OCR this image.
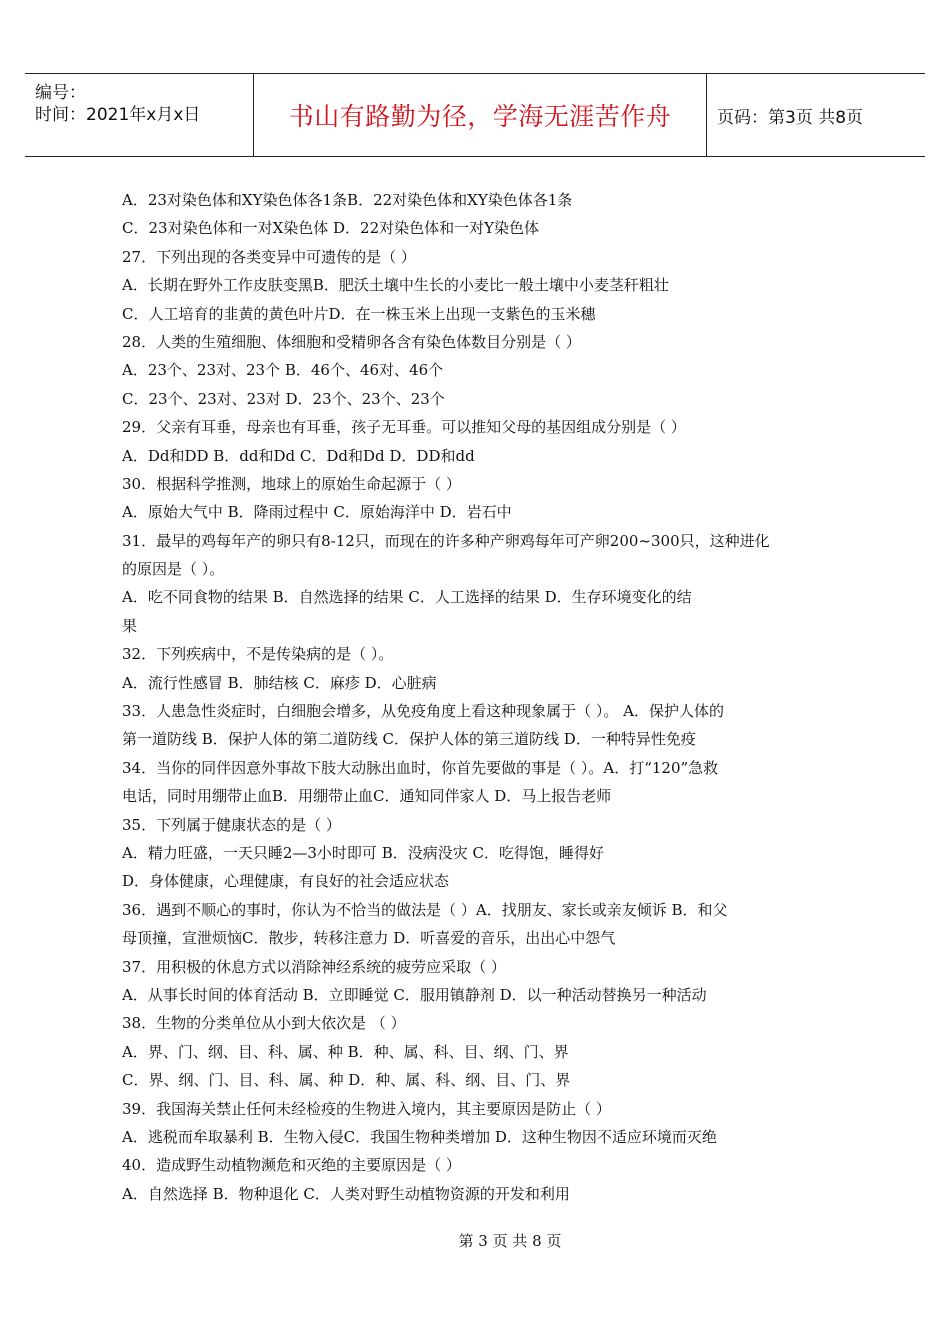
编号：
时间：2021年x月x日	书山有路勤为径，学海无涯苦作舟	页码：第3页 共8页
A．23对染色体和XY染色体各1条B．22对染色体和XY染色体各1条
C．23对染色体和一对X染色体 D．22对染色体和一对Y染色体
27．下列出现的各类变异中可遗传的是（ ）
A．长期在野外工作皮肤变黑B．肥沃土壤中生长的小麦比一般土壤中小麦茎秆粗壮
C．人工培育的韭黄的黄色叶片D．在一株玉米上出现一支紫色的玉米穗
28．人类的生殖细胞、体细胞和受精卵各含有染色体数目分别是（ ）
A．23个、23对、23个 B．46个、46对、46个
C．23个、23对、23对 D．23个、23个、23个
29．父亲有耳垂，母亲也有耳垂，孩子无耳垂。可以推知父母的基因组成分别是（ ）
A．Dd和DD B．dd和Dd C．Dd和Dd D．DD和dd
30．根据科学推测，地球上的原始生命起源于（ ）
A．原始大气中 B．降雨过程中 C．原始海洋中 D．岩石中
31．最早的鸡每年产的卵只有8-12只，而现在的许多种产卵鸡每年可产卵200~300只，这种进化
的原因是（ ）。
A．吃不同食物的结果 B．自然选择的结果 C．人工选择的结果 D．生存环境变化的结
果
32．下列疾病中，不是传染病的是（ ）。
A．流行性感冒 B．肺结核 C．麻疹 D．心脏病
33．人患急性炎症时，白细胞会增多，从免疫角度上看这种现象属于（ ）。 A．保护人体的
第一道防线 B．保护人体的第二道防线 C．保护人体的第三道防线 D．一种特异性免疫
34．当你的同伴因意外事故下肢大动脉出血时，你首先要做的事是（ ）。A．打“120”急救
电话，同时用绷带止血B．用绷带止血C．通知同伴家人 D．马上报告老师
35．下列属于健康状态的是（ ）
A．精力旺盛，一天只睡2—3小时即可 B．没病没灾 C．吃得饱，睡得好
D．身体健康，心理健康，有良好的社会适应状态
36．遇到不顺心的事时，你认为不恰当的做法是（ ）A．找朋友、家长或亲友倾诉 B．和父
母顶撞，宣泄烦恼C．散步，转移注意力 D．听喜爱的音乐，出出心中怨气
37．用积极的休息方式以消除神经系统的疲劳应采取（ ）
A．从事长时间的体育活动 B．立即睡觉 C．服用镇静剂 D．以一种活动替换另一种活动
38．生物的分类单位从小到大依次是 （ ）
A．界、门、纲、目、科、属、种 B．种、属、科、目、纲、门、界
C．界、纲、门、目、科、属、种 D．种、属、科、纲、目、门、界
39．我国海关禁止任何未经检疫的生物进入境内，其主要原因是防止（ ）
A．逃税而牟取暴利 B．生物入侵C．我国生物种类增加 D．这种生物因不适应环境而灭绝
40．造成野生动植物濒危和灭绝的主要原因是（ ）
A．自然选择 B．物种退化 C．人类对野生动植物资源的开发和利用
第 3 页 共 8 页
